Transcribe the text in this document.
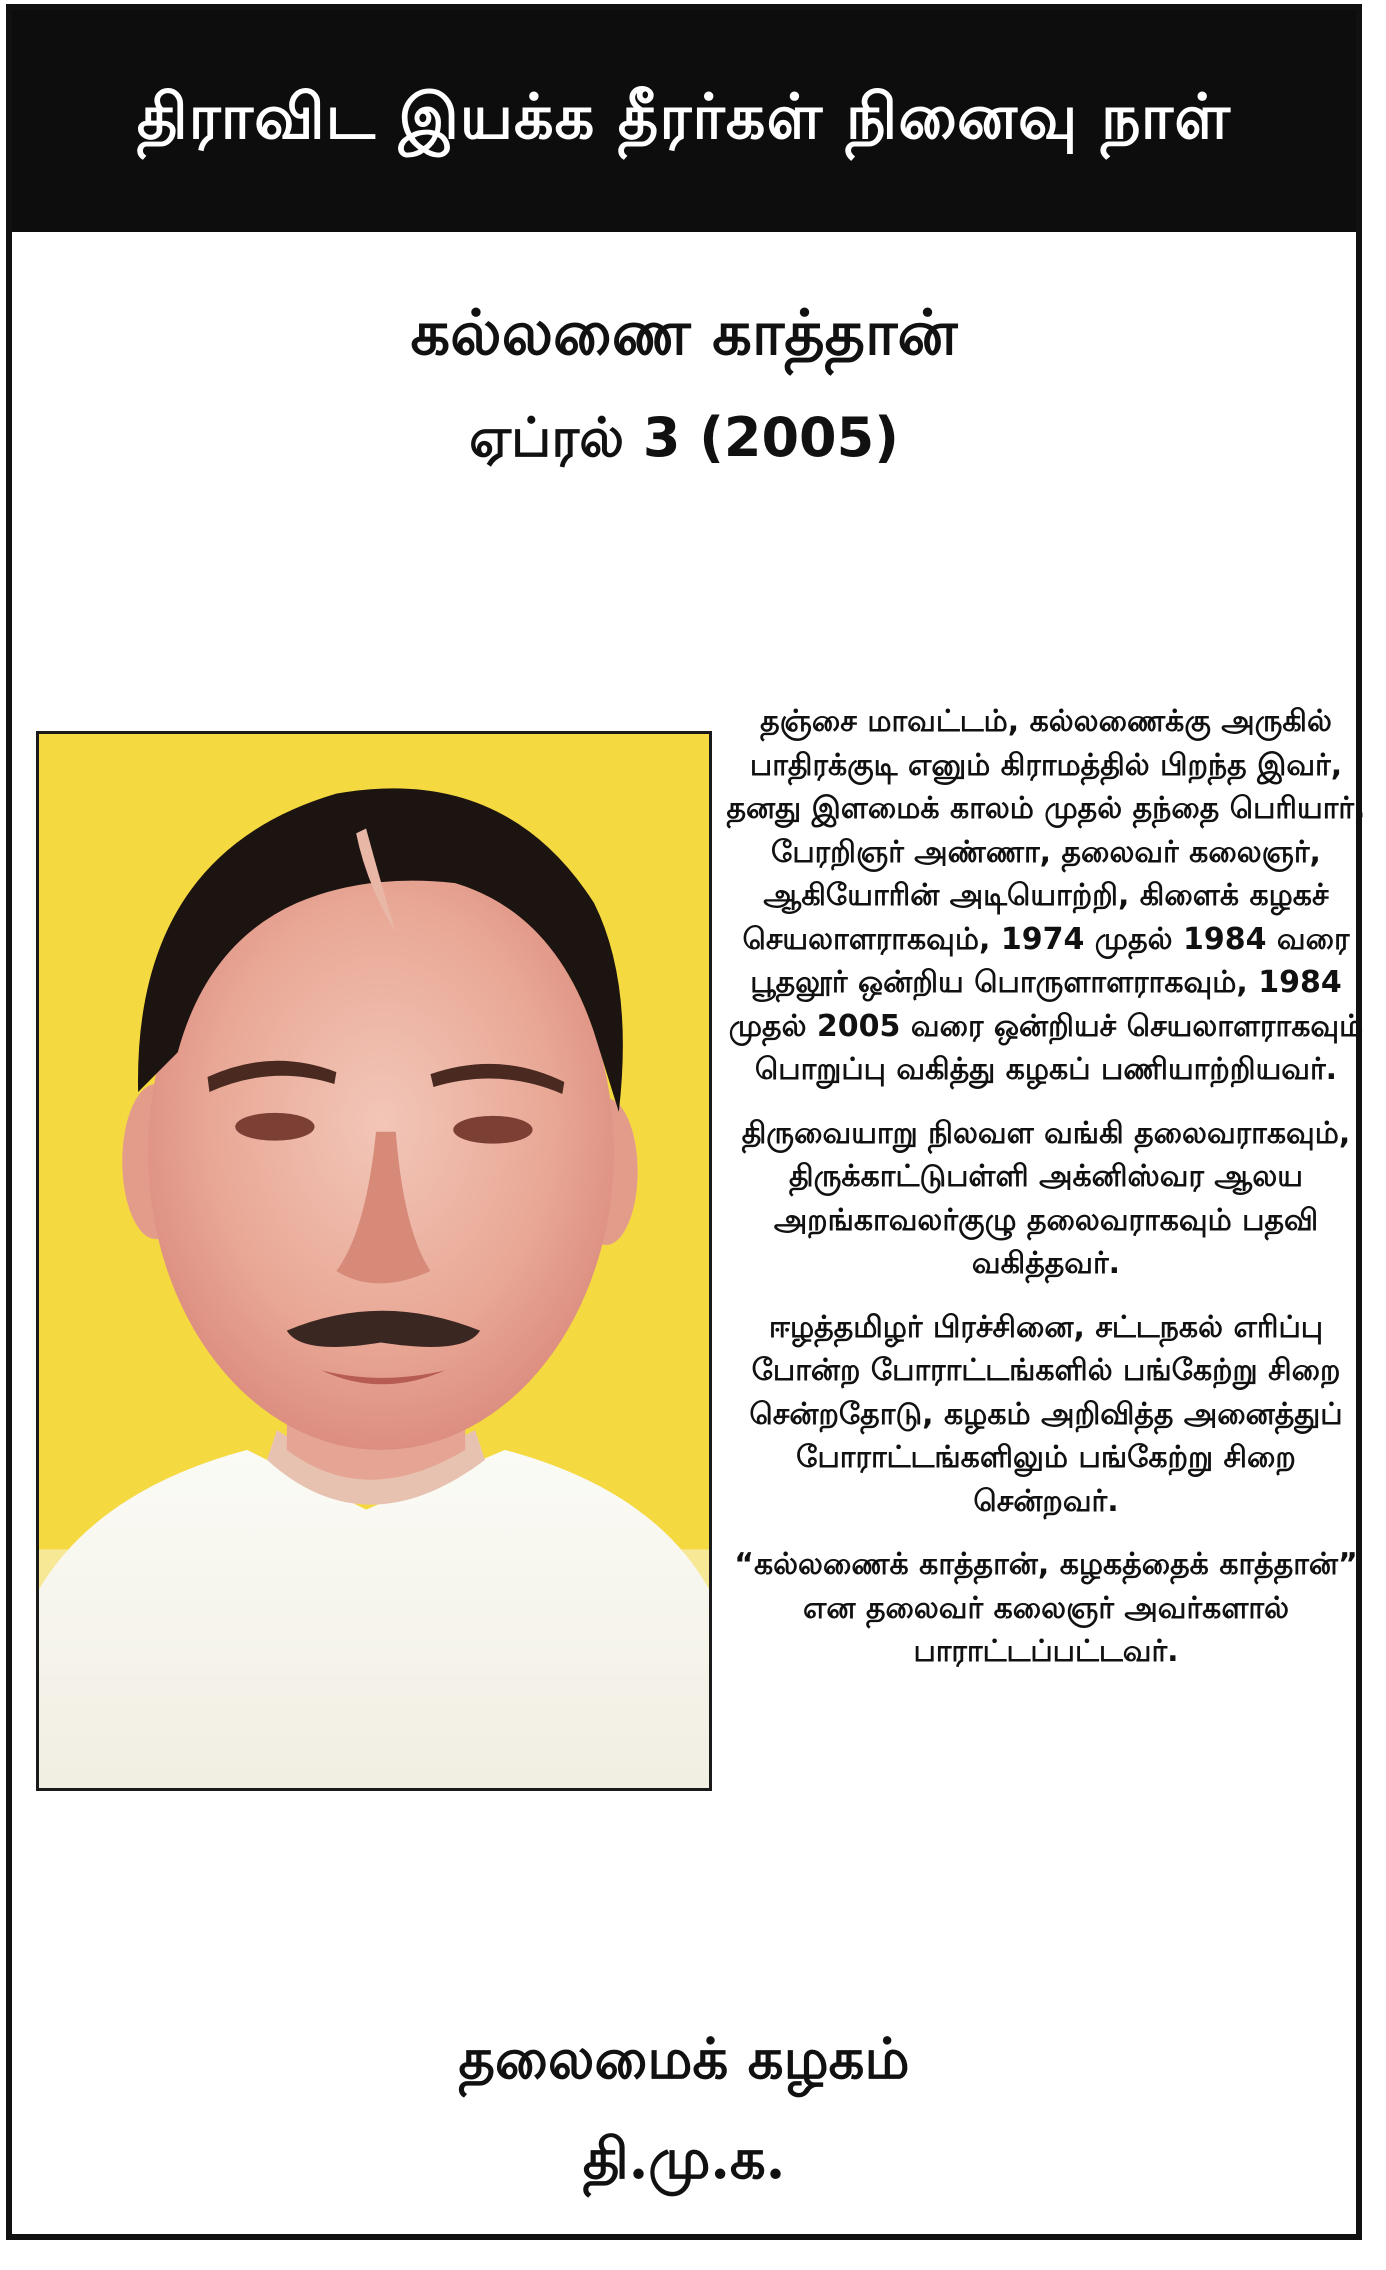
திராவிட இயக்க தீரர்கள் நினைவு நாள்
கல்லணை காத்தான்
ஏப்ரல் 3 (2005)

தஞ்சை மாவட்டம், கல்லணைக்கு அருகில் பாதிரக்குடி எனும் கிராமத்தில் பிறந்த இவர், தனது இளமைக் காலம் முதல் தந்தை பெரியார், பேரறிஞர் அண்ணா, தலைவர் கலைஞர், ஆகியோரின் அடியொற்றி, கிளைக் கழகச் செயலாளராகவும், 1974 முதல் 1984 வரை பூதலூர் ஒன்றிய பொருளாளராகவும், 1984 முதல் 2005 வரை ஒன்றியச் செயலாளராகவும் பொறுப்பு வகித்து கழகப் பணியாற்றியவர்.

திருவையாறு நிலவள வங்கி தலைவராகவும், திருக்காட்டுபள்ளி அக்னிஸ்வர ஆலய அறங்காவலர்குழு தலைவராகவும் பதவி வகித்தவர்.

ஈழத்தமிழர் பிரச்சினை, சட்டநகல் எரிப்பு போன்ற போராட்டங்களில் பங்கேற்று சிறை சென்றதோடு, கழகம் அறிவித்த அனைத்துப் போராட்டங்களிலும் பங்கேற்று சிறை சென்றவர்.

“கல்லணைக் காத்தான், கழகத்தைக் காத்தான்” என தலைவர் கலைஞர் அவர்களால் பாராட்டப்பட்டவர்.

தலைமைக் கழகம்
தி.மு.க.
